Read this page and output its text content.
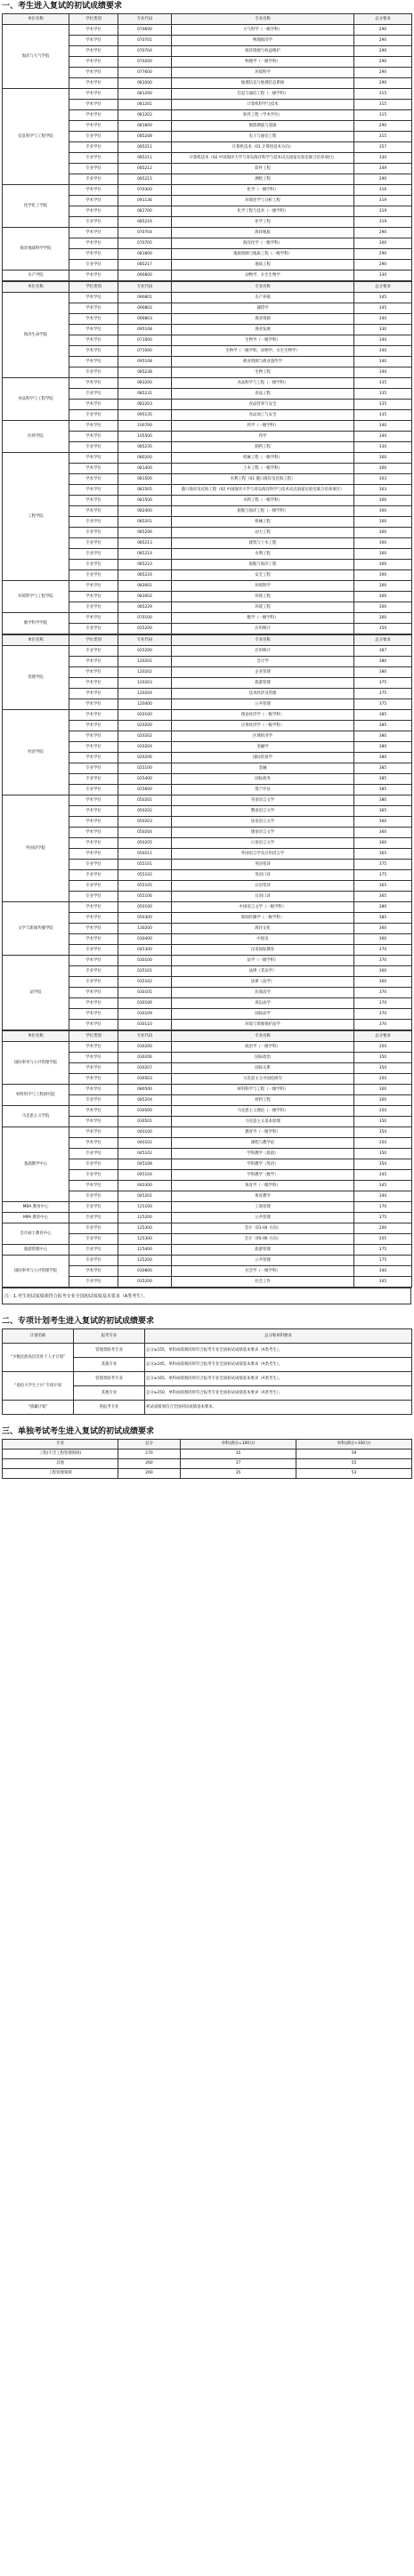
一、考生进入复试的初试成绩要求
单位名称	学位类别	专业代码	专业名称	总分要求
海洋与大气学院	学术学位	070600	大气科学（一级学科）	290
	学术学位	070701	物理海洋学	290
	学术学位	070704	海洋资源与权益维护	290
	学术学位	070200	物理学（一级学科）	290
	学术学位	077600	环境科学	290
	学术学位	081000	地理信息与地理信息系统	290
信息科学与工程学院	学术学位	081200	信息与通信工程（一级学科）	315
	学术学位	081201	计算机科学与技术	315
	学术学位	081202	软件工程（学术学位）	315
	学术学位	081800	摄影测量与遥感	290
	专业学位	085208	电子与通信工程	315
	专业学位	085211	计算机技术（01 计算机技术方向）	357
	专业学位	085211	计算机技术（02 中国海洋大学与青岛海洋科学与技术试点国家实验室联合培养项目）	330
	专业学位	085212	软件工程	349
	专业学位	085215	测绘工程	290
化学化工学院	学术学位	070300	化学（一级学科）	316
	学术学位	091136	环境化学与分析工程	319
	学术学位	081700	化学工程与技术（一级学科）	319
	专业学位	085216	化学工程	319
海洋地球科学学院	学术学位	070704	海洋地质	290
	学术学位	070705	海洋化学（一级学科）	300
	学术学位	081800	地质资源与地质工程（一级学科）	290
	专业学位	085217	地质工程	290
水产学院	学术学位	090800	动物学、水生生物学	330
单位名称	学位类别	专业代码	专业名称	总分要求
海洋生命学院	学术学位	090801	水产养殖	345
	学术学位	090802	捕捞学	345
	学术学位	090803	渔业资源	340
	学术学位	095108	渔业发展	330
	学术学位	071000	生物学（一级学科）	340
	学术学位	071000	生物学（一级学科，动物学、水生生物学）	340
	学术学位	095108	渔业资源与渔业遗传学	340
	专业学位	085238	生物工程	340
食品科学与工程学院	学术学位	083200	食品科学与工程（一级学科）	335
	专业学位	085231	食品工程	335
	学术学位	082203	食品营养与安全	335
	专业学位	095135	食品加工与安全	335
医药学院	学术学位	100700	药学（一级学科）	340
	学术学位	105500	药学	340
	专业学位	085235	制药工程	330
工程学院	学术学位	080200	机械工程（一级学科）	300
	学术学位	081400	土木工程（一级学科）	300
	学术学位	081500	水利工程（01 港口海岸及近海工程）	303
	学术学位	081505	港口海岸及近海工程（02 中国海洋大学与青岛海洋科学与技术试点国家实验室联合培养项目）	303
	学术学位	081500	水利工程（一级学科）	300
	学术学位	082400	船舶与海洋工程（一级学科）	300
	专业学位	085201	机械工程	300
	专业学位	085206	动力工程	300
	专业学位	085213	建筑与土木工程	300
	专业学位	085214	水利工程	300
	专业学位	085223	船舶与海洋工程	300
	专业学位	085224	安全工程	300
环境科学与工程学院	学术学位	083001	环境科学	300
	学术学位	083002	环境工程	300
	专业学位	085229	环境工程	300
数学科学学院	学术学位	070100	数学（一级学科）	300
	专业学位	025200	应用统计	350
单位名称	学位类别	专业代码	专业名称	总分要求
管理学院	专业学位	025200	应用统计	387
	学术学位	120201	会计学	380
	学术学位	120202	企业管理	380
	学术学位	120203	旅游管理	375
	学术学位	120204	技术经济及管理	375
	学术学位	120400	公共管理	375
经济学院	学术学位	020100	理论经济学（一级学科）	385
	学术学位	020200	应用经济学（一级学科）	385
	学术学位	020202	区域经济学	380
	学术学位	020204	金融学	380
	学术学位	020206	国际贸易学	380
	专业学位	025100	金融	385
	专业学位	025400	国际商务	385
	专业学位	025600	资产评估	385
外国语学院	学术学位	050201	英语语言文学	380
	学术学位	050202	俄语语言文学	365
	学术学位	050203	法语语言文学	360
	学术学位	050204	德语语言文学	360
	学术学位	050205	日语语言文学	360
	学术学位	050211	外国语言学及应用语言学	365
	专业学位	055101	英语笔译	375
	专业学位	055102	英语口译	375
	专业学位	055105	日语笔译	365
	专业学位	055106	日语口译	365
文学与新闻传播学院	学术学位	050100	中国语言文学（一级学科）	380
	学术学位	050300	新闻传播学（一级学科）	385
	学术学位	130200	海洋文化	360
	学术学位	030400	中国史	360
	专业学位	045300	汉语国际教育	370
法学院	学术学位	030100	法学（一级学科）	370
	专业学位	035101	法律（非法学）	360
	专业学位	035102	法律（法学）	360
	学术学位	030105	民商法学	370
	学术学位	030106	诉讼法学	370
	学术学位	030109	国际法学	370
	学术学位	030110	环境与资源保护法学	370
单位名称	学位类别	专业代码	专业名称	总分要求
国际事务与公共管理学院	学术学位	030200	政治学（一级学科）	350
	学术学位	030206	国际政治	350
	学术学位	030207	国际关系	350
	学术学位	030503	马克思主义中国化研究	350
材料科学与工程研究院	学术学位	080500	材料科学与工程（一级学科）	300
	专业学位	085204	材料工程	300
马克思主义学院	学术学位	030500	马克思主义理论（一级学科）	350
	学术学位	030501	马克思主义基本原理	350
基础教学中心	学术学位	040100	教育学（一级学科）	350
	学术学位	040102	课程与教学论	350
	专业学位	045102	学科教学（思政）	350
	专业学位	045108	学科教学（英语）	350
	专业学位	045104	学科教学（数学）	345
	学术学位	040300	体育学（一级学科）	345
	专业学位	045201	体育教学	340
MBA 教育中心	专业学位	125100	工商管理	170
MPA 教育中心	专业学位	125200	公共管理	175
会计硕士教育中心	专业学位	125300	会计（01-04 方向）	200
	专业学位	125300	会计（05-06 方向）	205
旅游管理中心	专业学位	125400	旅游管理	175
国际事务与公共管理学院	专业学位	125200	公共管理	175
	学术学位	030800	社会学（一级学科）	340
	专业学位	035200	社会工作	345
注：1.考生初试成绩须符合报考专业全国初试成绩基本要求（A类考生）。
二、专项计划考生进入复试的初试成绩要求
计划名称	报考专业	总分和单科要求
“少数民族高层次骨干人才计划”	管理类联考专业	总分≥155，单科成绩须同时符合报考专业全国初试成绩基本要求（A类考生）。
	其他专业	总分≥245，单科成绩须同时符合报考专业全国初试成绩基本要求（A类考生）。
“退役大学生士兵”专项计划	管理类联考专业	总分≥165，单科成绩须同时符合报考专业全国初试成绩基本要求（A类考生）。
	其他专业	总分≥250，单科成绩须同时符合报考专业全国初试成绩基本要求（A类考生）。
“援藏计划”	各报考专业	初试成绩须符合全国初试成绩基本要求。
三、单独考试考生进入复试的初试成绩要求
专业	总分	单科(满分=100分)	单科(满分>100分)
工程(不含工程管理领域)	270	35	59
其他	260	37	55
工程管理领域	260	35	53
